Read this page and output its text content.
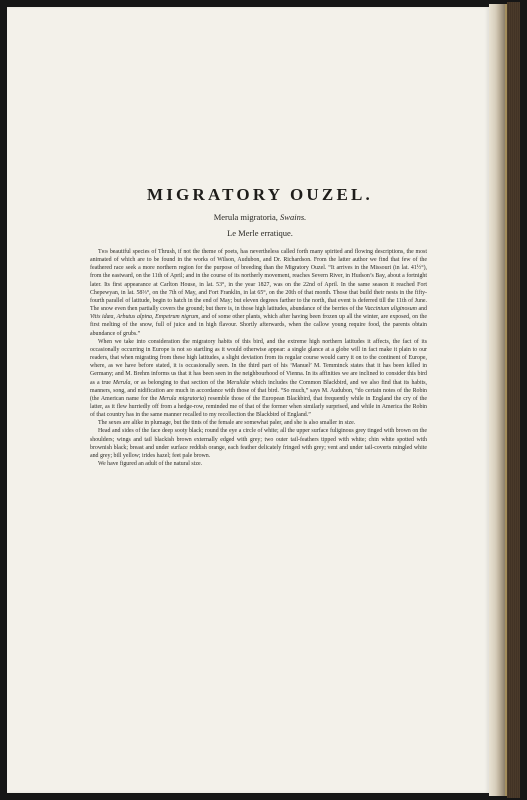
MIGRATORY OUZEL.
Merula migratoria, Swains.
Le Merle erratique.

This beautiful species of Thrush, if not the theme of poets, has nevertheless called forth many spirited and flowing descriptions, the most animated of which are to be found in the works of Wilson, Audubon, and Dr. Richardson. From the latter author we find that few of the feathered race seek a more northern region for the purpose of breeding than the Migratory Ouzel. “It arrives in the Missouri (in lat. 41½°), from the eastward, on the 11th of April; and in the course of its northerly movement, reaches Severn River, in Hudson’s Bay, about a fortnight later. Its first appearance at Carlton House, in lat. 53°, in the year 1827, was on the 22nd of April. In the same season it reached Fort Chepewyan, in lat. 58⅔°, on the 7th of May, and Fort Franklin, in lat 65°, on the 20th of that month. Those that build their nests in the fifty-fourth parallel of latitude, begin to hatch in the end of May; but eleven degrees farther to the north, that event is deferred till the 11th of June. The snow even then partially covers the ground; but there is, in those high latitudes, abundance of the berries of the Vaccinium uliginosum and Vitis idæa, Arbutus alpina, Empetrum nigrum, and of some other plants, which after having been frozen up all the winter, are exposed, on the first melting of the snow, full of juice and in high flavour. Shortly afterwards, when the callow young require food, the parents obtain abundance of grubs.”

When we take into consideration the migratory habits of this bird, and the extreme high northern latitudes it affects, the fact of its occasionally occurring in Europe is not so startling as it would otherwise appear: a single glance at a globe will in fact make it plain to our readers, that when migrating from these high latitudes, a slight deviation from its regular course would carry it on to the continent of Europe, where, as we have before stated, it is occasionally seen. In the third part of his ‘Manuel’ M. Temminck states that it has been killed in Germany; and M. Brehm informs us that it has been seen in the neighbourhood of Vienna. In its affinities we are inclined to consider this bird as a true Merula, or as belonging to that section of the Merulidæ which includes the Common Blackbird, and we also find that its habits, manners, song, and nidification are much in accordance with those of that bird. “So much,” says M. Audubon, “do certain notes of the Robin (the American name for the Merula migratoria) resemble those of the European Blackbird, that frequently while in England the cry of the latter, as it flew hurriedly off from a hedge-row, reminded me of that of the former when similarly surprised, and while in America the Robin of that country has in the same manner recalled to my recollection the Blackbird of England.”

The sexes are alike in plumage, but the tints of the female are somewhat paler, and she is also smaller in size.

Head and sides of the face deep sooty black; round the eye a circle of white; all the upper surface fuliginous grey tinged with brown on the shoulders; wings and tail blackish brown externally edged with grey; two outer tail-feathers tipped with white; chin white spotted with brownish black; breast and under surface reddish orange, each feather delicately fringed with grey; vent and under tail-coverts mingled white and grey; bill yellow; irides hazel; feet pale brown.

We have figured an adult of the natural size.
